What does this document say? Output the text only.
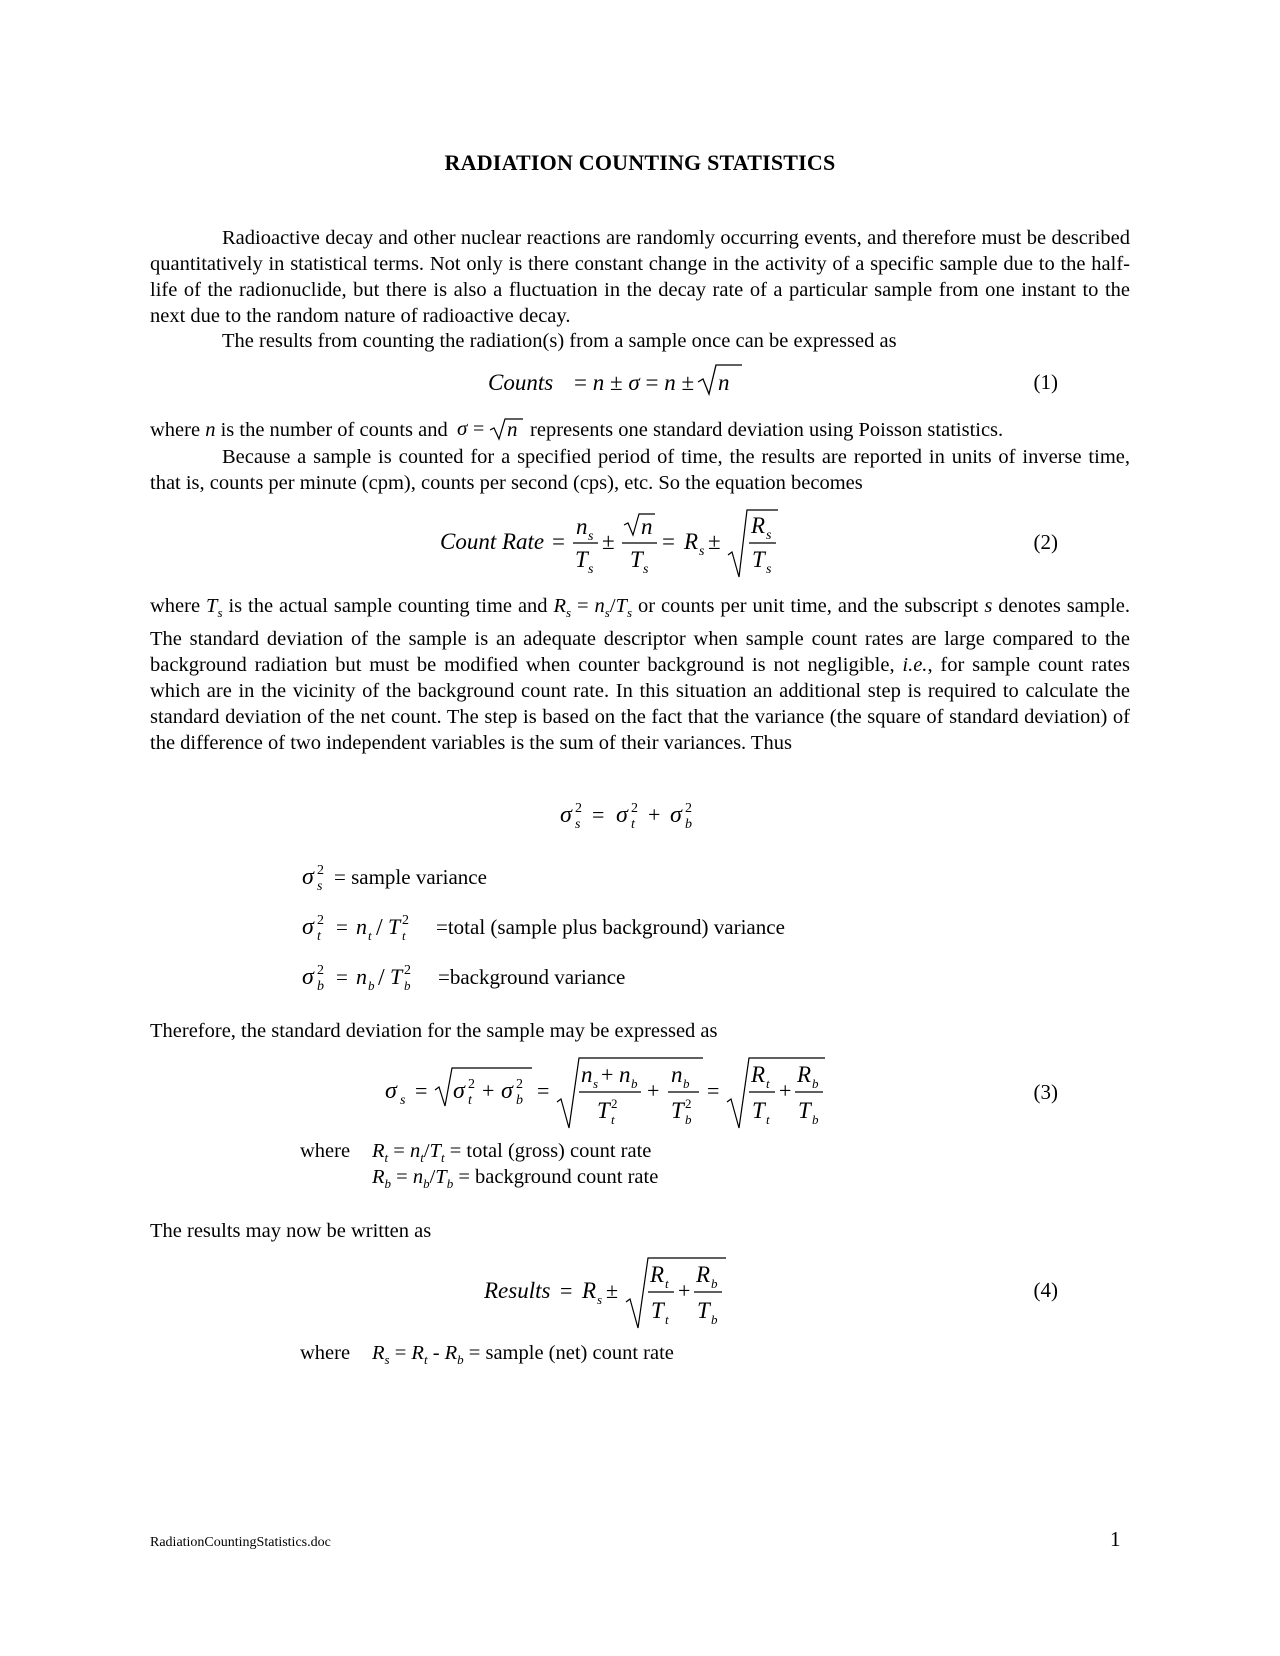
RADIATION COUNTING STATISTICS

Radioactive decay and other nuclear reactions are randomly occurring events, and therefore must be described quantitatively in statistical terms. Not only is there constant change in the activity of a specific sample due to the half-life of the radionuclide, but there is also a fluctuation in the decay rate of a particular sample from one instant to the next due to the random nature of radioactive decay.

The results from counting the radiation(s) from a sample once can be expressed as

Counts = n ± σ = n ± n	(1)
where n is the number of counts and σ = n represents one standard deviation using Poisson statistics.

Because a sample is counted for a specified period of time, the results are reported in units of inverse time, that is, counts per minute (cpm), counts per second (cps), etc. So the equation becomes

Count Rate =
n s
T s
±
n
T s
= R s ±
R s
T s
(2)

where $T_s$ is the actual sample counting time and $R_s = n_s/T_s$ or counts per unit time, and the subscript s denotes sample. The standard deviation of the sample is an adequate descriptor when sample count rates are large compared to the background radiation but must be modified when counter background is not negligible, i.e., for sample count rates which are in the vicinity of the background count rate. In this situation an additional step is required to calculate the standard deviation of the net count. The step is based on the fact that the variance (the square of standard deviation) of the difference of two independent variables is the sum of their variances. Thus

σ 2
s = σ 2
t + σ 2
b
σ 2
s = sample variance
σ 2
t = n t / T 2
t =total (sample plus background) variance
σ 2
b = n b / T 2
b =background variance

Therefore, the standard deviation for the sample may be expressed as

σ s = σ 2
t + σ 2
b =
n s + n b
T 2
t
+
n b
T 2
b
=
R t
T t
+
R b
T b
(3)
where $R_t = n_t/T_t$ = total (gross) count rate
$R_b = n_b/T_b$ = background count rate

The results may now be written as

Results = R s ±
R t
T t
+
R b
T b
(4)
where $R_s = R_t - R_b$ = sample (net) count rate
RadiationCountingStatistics.doc	1
